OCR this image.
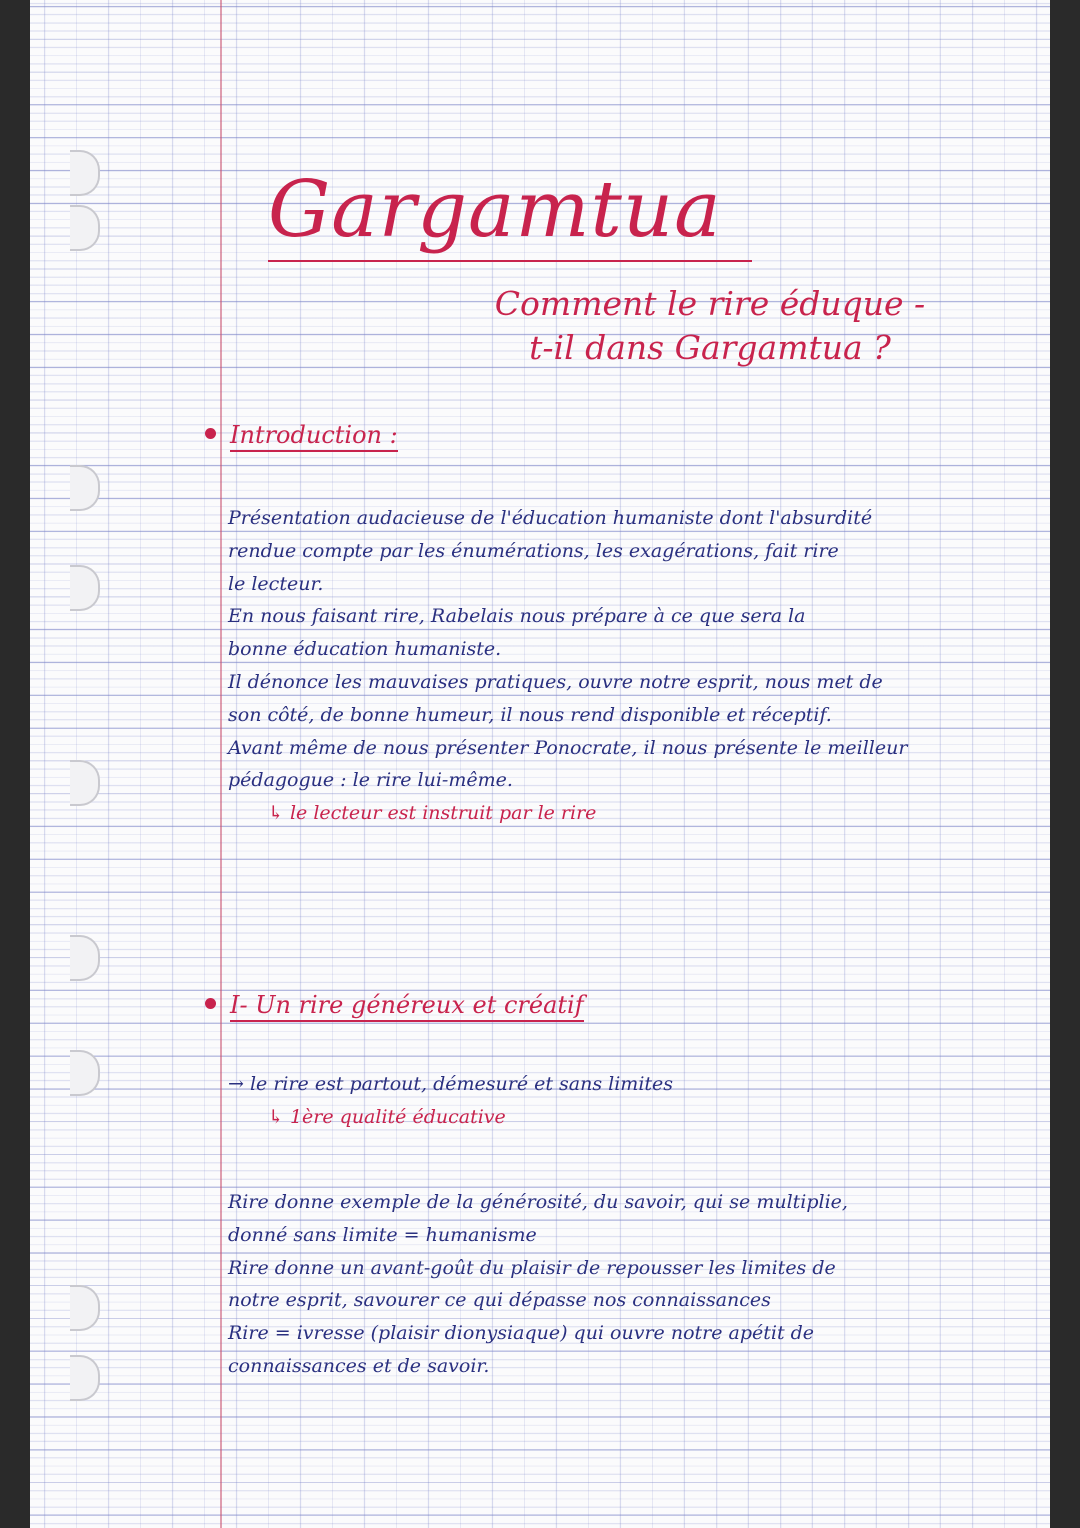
Gargamtua
Comment le rire éduque -
t-il dans Gargamtua ?
Introduction :
Présentation audacieuse de l'éducation humaniste dont l'absurdité
rendue compte par les énumérations, les exagérations, fait rire
le lecteur.
En nous faisant rire, Rabelais nous prépare à ce que sera la
bonne éducation humaniste.
Il dénonce les mauvaises pratiques, ouvre notre esprit, nous met de
son côté, de bonne humeur, il nous rend disponible et réceptif.
Avant même de nous présenter Ponocrate, il nous présente le meilleur
pédagogue : le rire lui-même.
↳ le lecteur est instruit par le rire
I- Un rire généreux et créatif
→ le rire est partout, démesuré et sans limites
↳ 1ère qualité éducative
Rire donne exemple de la générosité, du savoir, qui se multiplie,
donné sans limite = humanisme
Rire donne un avant-goût du plaisir de repousser les limites de
notre esprit, savourer ce qui dépasse nos connaissances
Rire = ivresse (plaisir dionysiaque) qui ouvre notre apétit de
connaissances et de savoir.
